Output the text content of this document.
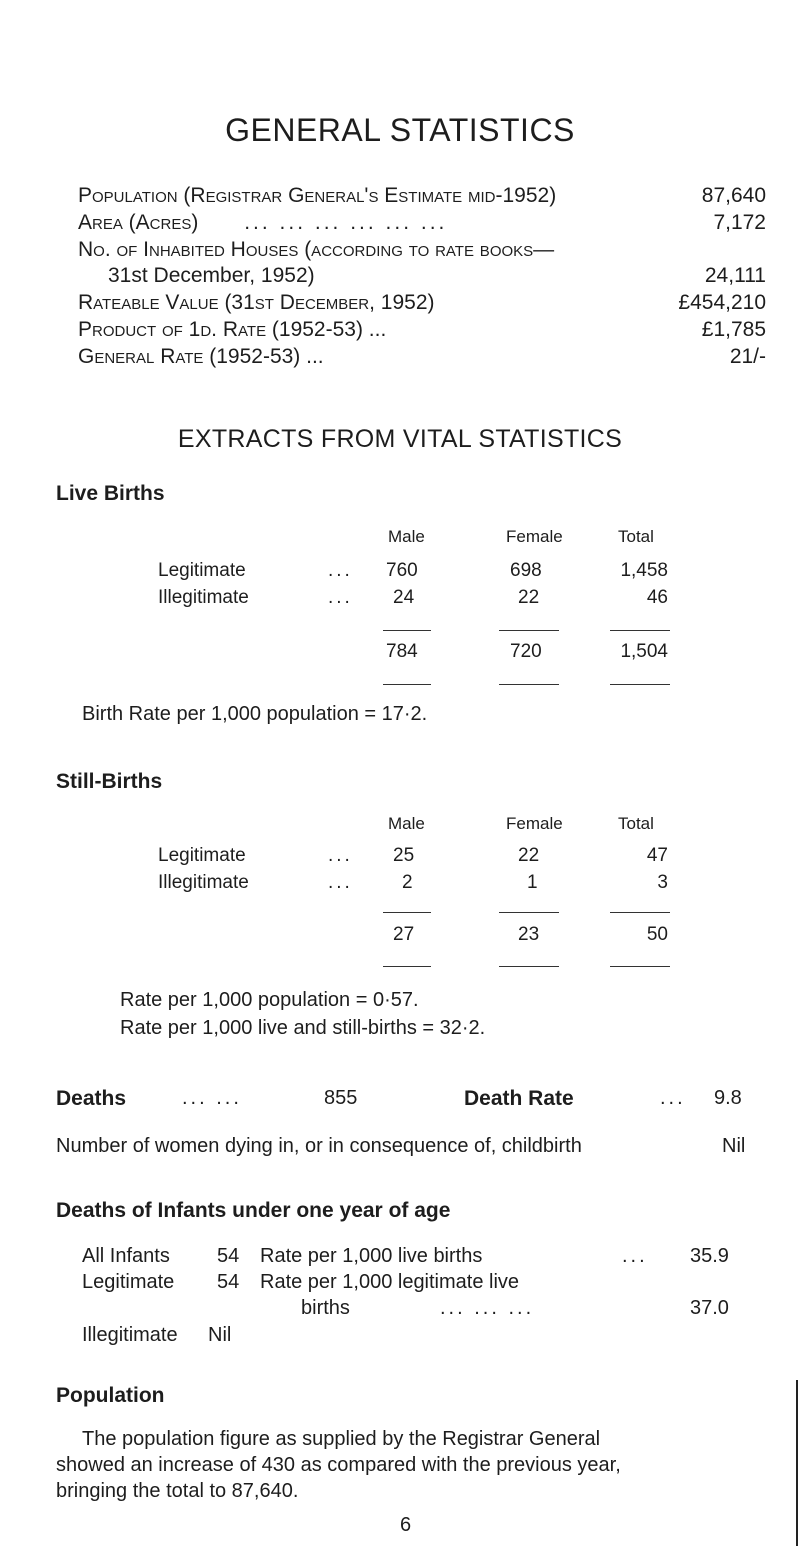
GENERAL STATISTICS
Population (Registrar General's Estimate mid-1952)	87,640
Area (Acres) ... ... ... ... ... ...	7,172
No. of Inhabited Houses (according to rate books—
31st December, 1952)	24,111
Rateable Value (31st December, 1952)	£454,210
Product of 1d. Rate (1952-53) ...	£1,785
General Rate (1952-53) ...	21/-
EXTRACTS FROM VITAL STATISTICS
Live Births
Male	Female	Total
Legitimate	... 760	698	1,458
Illegitimate	... 24	22	46
784	720	1,504
Birth Rate per 1,000 population = 17·2.
Still-Births
Male	Female	Total
Legitimate	... 25	22	47
Illegitimate	...	2	1	3
27	23	50
Rate per 1,000 population = 0·57.
Rate per 1,000 live and still-births = 32·2.
Deaths	... ...	855	Death Rate	... 9.8
Number of women dying in, or in consequence of, childbirth	Nil
Deaths of Infants under one year of age
All Infants 54 Rate per 1,000 live births	... 35.9
Legitimate 54 Rate per 1,000 legitimate live
births	... ... ...	37.0
Illegitimate Nil
Population
The population figure as supplied by the Registrar General
showed an increase of 430 as compared with the previous year,
bringing the total to 87,640.
6
